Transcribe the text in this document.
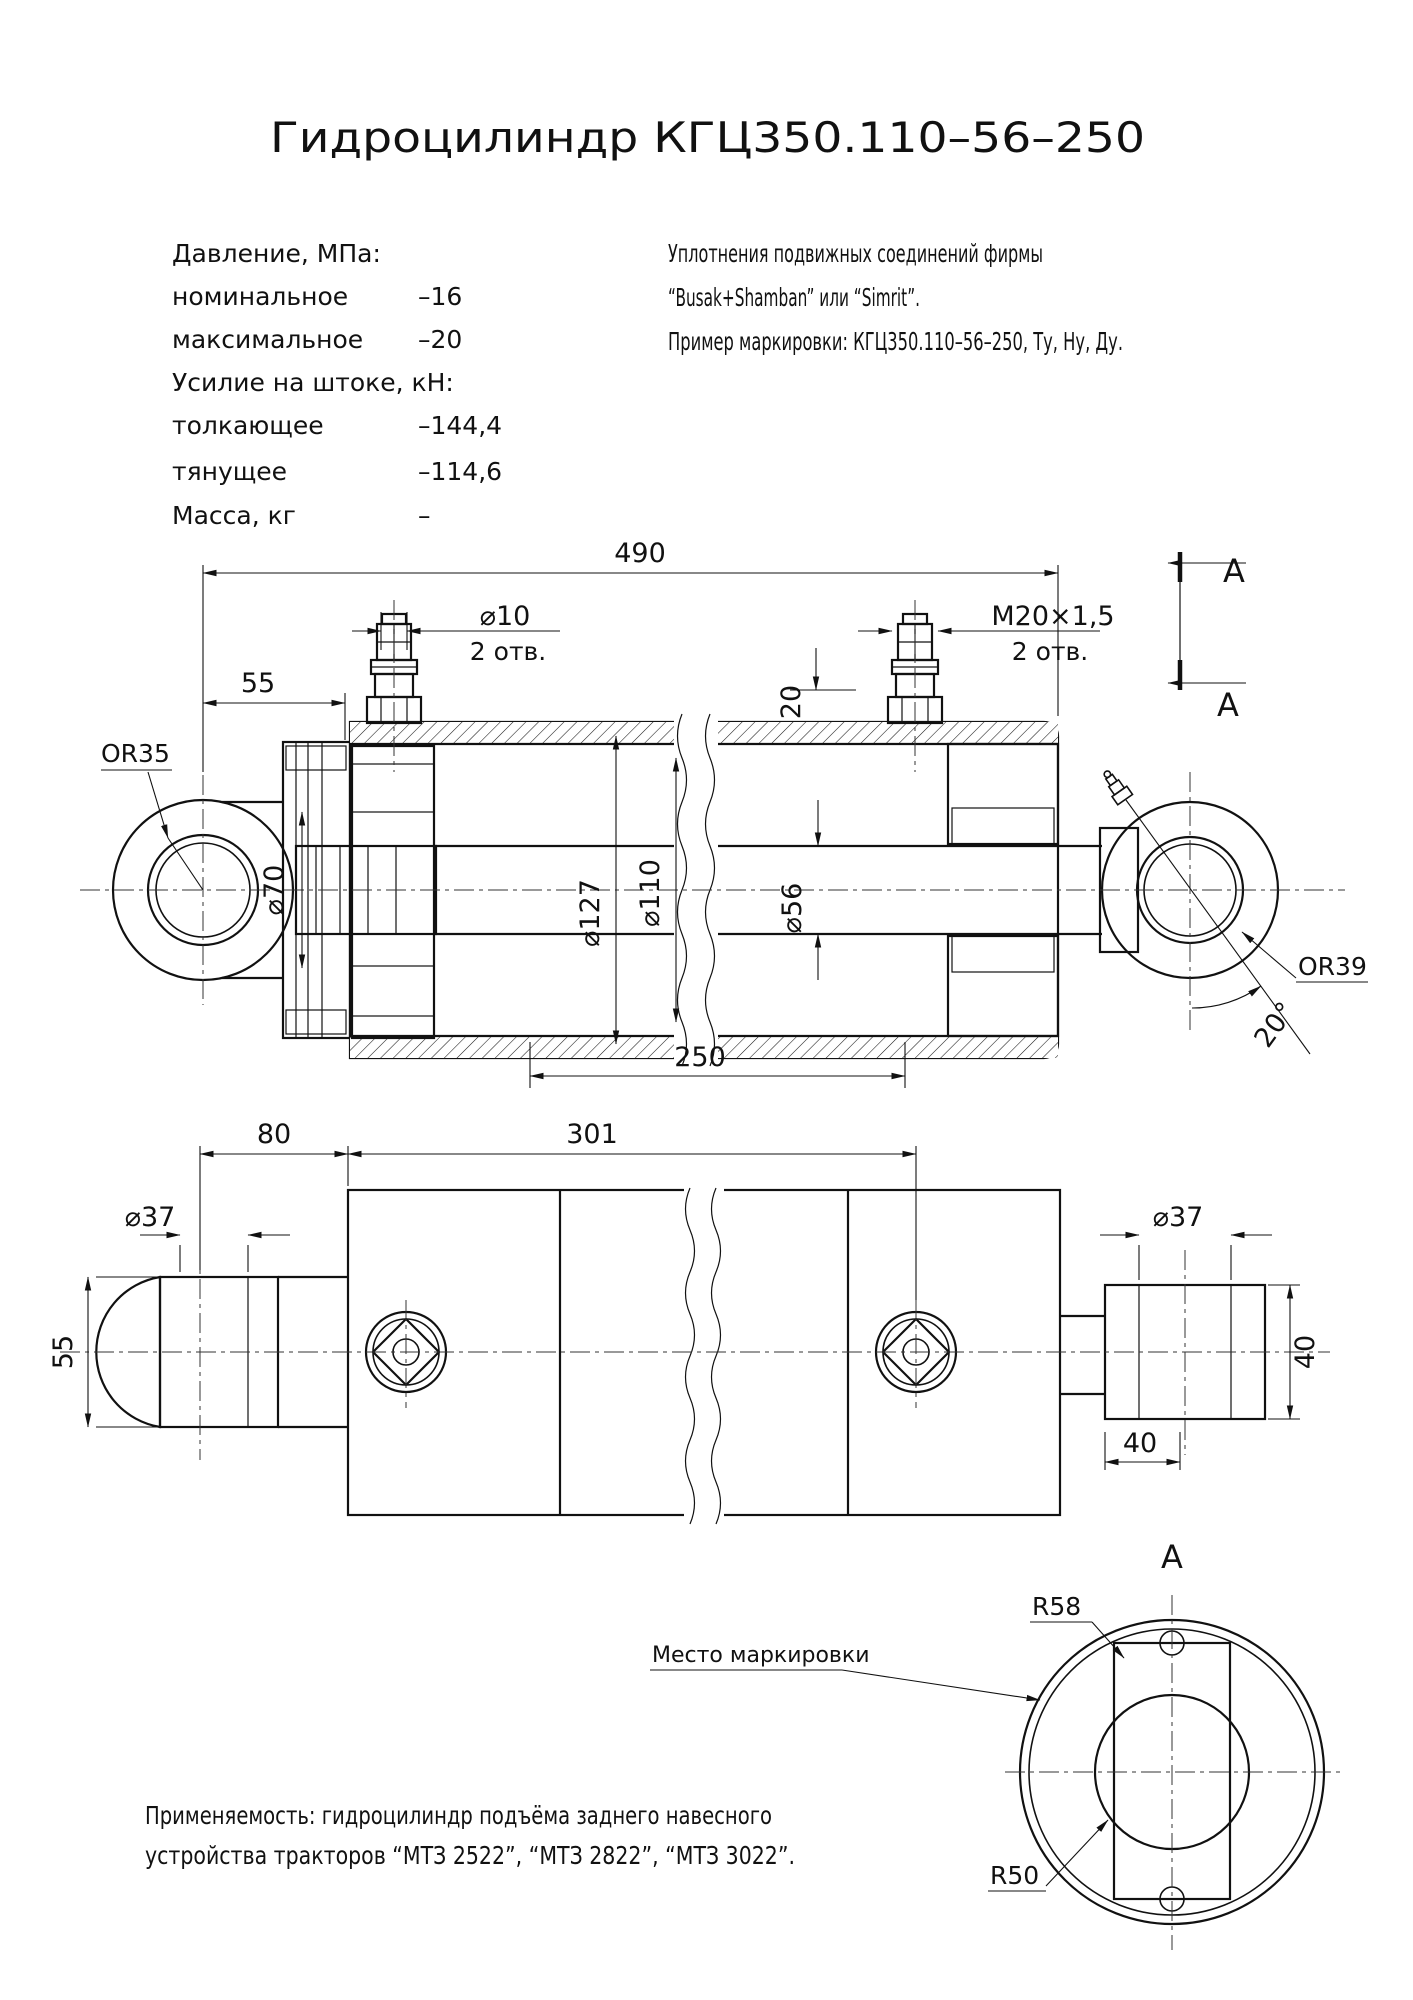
Гидроцилиндр КГЦ350.110–56–250
Давление, МПа:
номинальное	–16
максимальное –20
Усилие на штоке, кН:
толкающее	–144,4
тянущее	–114,6
Масса, кг	–
Уплотнения подвижных соединений фирмы
“Busak+Shamban” или “Simrit”.
Пример маркировки: КГЦ350.110–56–250, Ту, Ну, Ду.
A
A
490
55
⌀10
2 отв.
М20×1,5
2 отв.
20
OR35
⌀70	⌀127 ⌀110	⌀56
OR39
20°
250
80	301
⌀37	⌀37
55	40
40
A
R58
Место маркировки
R50
Применяемость: гидроцилиндр подъёма заднего навесного
устройства тракторов “МТЗ 2522”, “МТЗ 2822”, “МТЗ 3022”.
